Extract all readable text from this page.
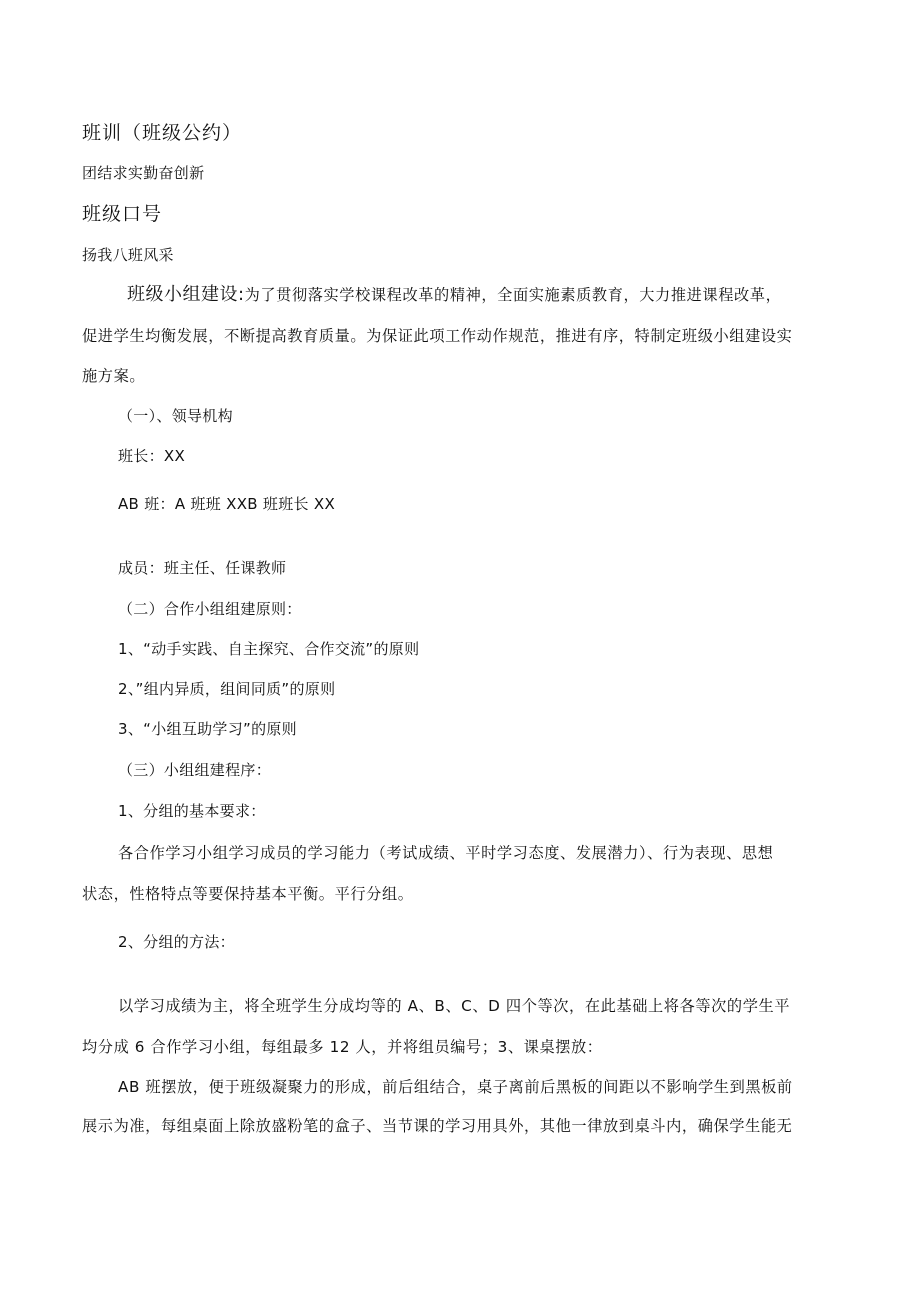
班训（班级公约）
团结求实勤奋创新
班级口号
扬我八班风采
班级小组建设:为了贯彻落实学校课程改革的精神，全面实施素质教育，大力推进课程改革，
促进学生均衡发展，不断提高教育质量。为保证此项工作动作规范，推进有序，特制定班级小组建设实
施方案。
（一）、领导机构
班长：XX
AB 班：A 班班 XXB 班班长 XX
成员：班主任、任课教师
（二）合作小组组建原则：
1、“动手实践、自主探究、合作交流”的原则
2、”组内异质，组间同质”的原则
3、“小组互助学习”的原则
（三）小组组建程序：
1、分组的基本要求：
各合作学习小组学习成员的学习能力（考试成绩、平时学习态度、发展潜力）、行为表现、思想
状态，性格特点等要保持基本平衡。平行分组。
2、分组的方法：
以学习成绩为主，将全班学生分成均等的 A、B、C、D 四个等次，在此基础上将各等次的学生平
均分成 6 合作学习小组，每组最多 12 人，并将组员编号；3、课桌摆放：
AB 班摆放，便于班级凝聚力的形成，前后组结合，桌子离前后黑板的间距以不影响学生到黑板前
展示为准，每组桌面上除放盛粉笔的盒子、当节课的学习用具外，其他一律放到桌斗内，确保学生能无
